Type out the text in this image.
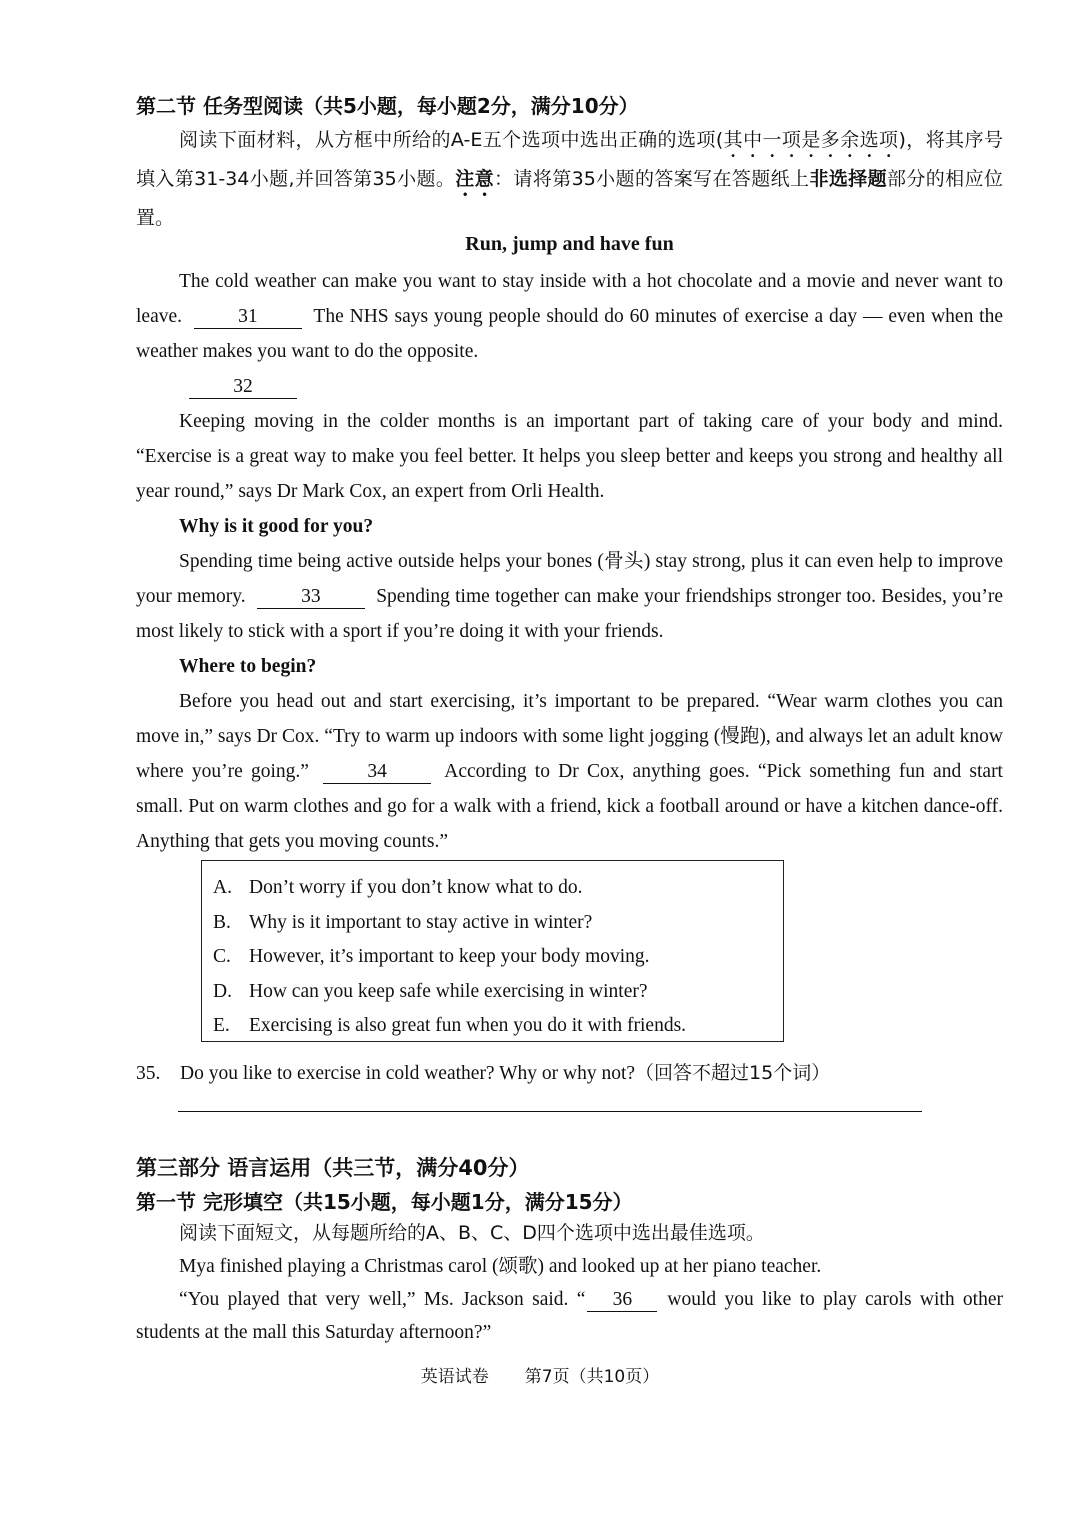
第二节 任务型阅读（共5小题，每小题2分，满分10分）
阅读下面材料，从方框中所给的A-E五个选项中选出正确的选项(其中一项是多余选项)，将其序号填入第31-34小题,并回答第35小题。注意：请将第35小题的答案写在答题纸上非选择题部分的相应位置。
Run, jump and have fun

The cold weather can make you want to stay inside with a hot chocolate and a movie and never want to leave.	31	The NHS says young people should do 60 minutes of exercise a day — even when the weather makes you want to do the opposite.

32

Keeping moving in the colder months is an important part of taking care of your body and mind. “Exercise is a great way to make you feel better. It helps you sleep better and keeps you strong and healthy all year round,” says Dr Mark Cox, an expert from Orli Health.

Why is it good for you?

Spending time being active outside helps your bones (骨头) stay strong, plus it can even help to improve your memory.	33	Spending time together can make your friendships stronger too. Besides, you’re most likely to stick with a sport if you’re doing it with your friends.

Where to begin?

Before you head out and start exercising, it’s important to be prepared. “Wear warm clothes you can move in,” says Dr Cox. “Try to warm up indoors with some light jogging (慢跑), and always let an adult know where you’re going.”	34	According to Dr Cox, anything goes. “Pick something fun and start small. Put on warm clothes and go for a walk with a friend, kick a football around or have a kitchen dance-off. Anything that gets you moving counts.”

A. Don’t worry if you don’t know what to do.
B. Why is it important to stay active in winter?
C. However, it’s important to keep your body moving.
D. How can you keep safe while exercising in winter?
E. Exercising is also great fun when you do it with friends.
35. Do you like to exercise in cold weather? Why or why not?（回答不超过15个词）
第三部分 语言运用（共三节，满分40分）
第一节 完形填空（共15小题，每小题1分，满分15分）

阅读下面短文，从每题所给的A、B、C、D四个选项中选出最佳选项。

Mya finished playing a Christmas carol (颂歌) and looked up at her piano teacher.

“You played that very well,” Ms. Jackson said. “ 36 would you like to play carols with other students at the mall this Saturday afternoon?”

英语试卷 第7页（共10页）
